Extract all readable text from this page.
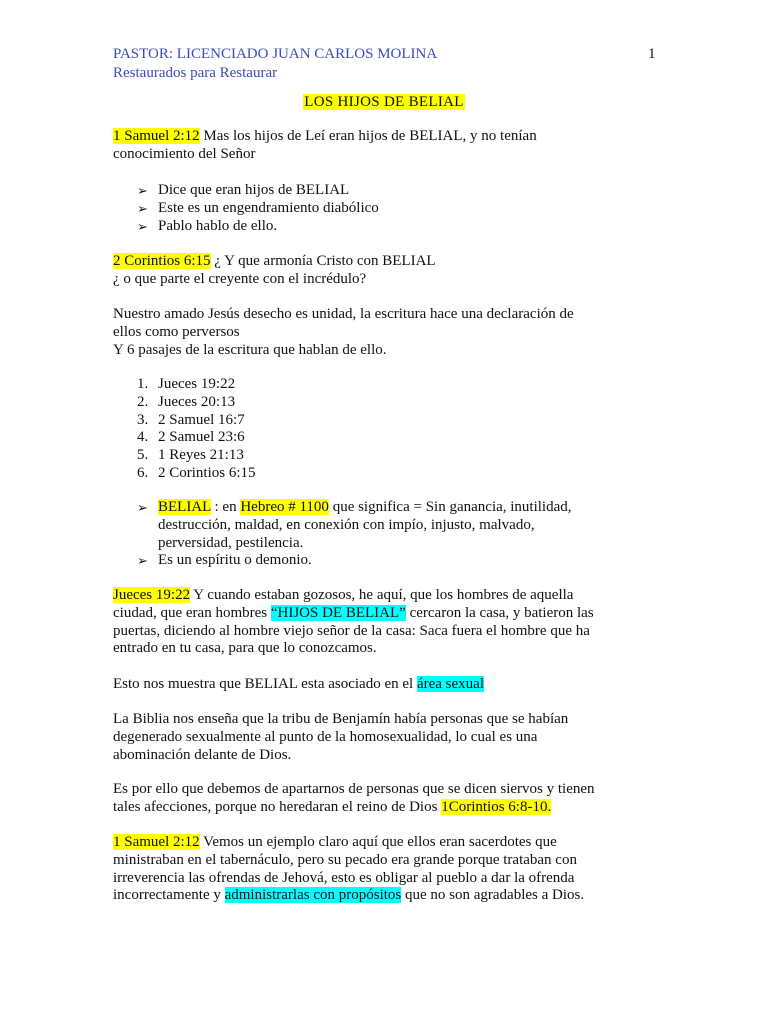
PASTOR: LICENCIADO JUAN CARLOS MOLINA
Restaurados para Restaurar
1
LOS HIJOS DE BELIAL

1 Samuel 2:12 Mas los hijos de Leí eran hijos de BELIAL, y no tenían
conocimiento del Señor

➢ Dice que eran hijos de BELIAL
➢ Este es un engendramiento diabólico
➢ Pablo hablo de ello.

2 Corintios 6:15 ¿ Y que armonía Cristo con BELIAL
¿ o que parte el creyente con el incrédulo?

Nuestro amado Jesús desecho es unidad, la escritura hace una declaración de
ellos como perversos
Y 6 pasajes de la escritura que hablan de ello.

1. Jueces 19:22
2. Jueces 20:13
3. 2 Samuel 16:7
4. 2 Samuel 23:6
5. 1 Reyes 21:13
6. 2 Corintios 6:15
➢ BELIAL : en Hebreo # 1100 que significa = Sin ganancia, inutilidad,
destrucción, maldad, en conexión con impío, injusto, malvado,
perversidad, pestilencia.
➢ Es un espíritu o demonio.

Jueces 19:22 Y cuando estaban gozosos, he aquí, que los hombres de aquella
ciudad, que eran hombres “HIJOS DE BELIAL” cercaron la casa, y batieron las
puertas, diciendo al hombre viejo señor de la casa: Saca fuera el hombre que ha
entrado en tu casa, para que lo conozcamos.

Esto nos muestra que BELIAL esta asociado en el área sexual

La Biblia nos enseña que la tribu de Benjamín había personas que se habían
degenerado sexualmente al punto de la homosexualidad, lo cual es una
abominación delante de Dios.

Es por ello que debemos de apartarnos de personas que se dicen siervos y tienen
tales afecciones, porque no heredaran el reino de Dios 1Corintios 6:8-10.

1 Samuel 2:12 Vemos un ejemplo claro aquí que ellos eran sacerdotes que
ministraban en el tabernáculo, pero su pecado era grande porque trataban con
irreverencia las ofrendas de Jehová, esto es obligar al pueblo a dar la ofrenda
incorrectamente y administrarlas con propósitos que no son agradables a Dios.
